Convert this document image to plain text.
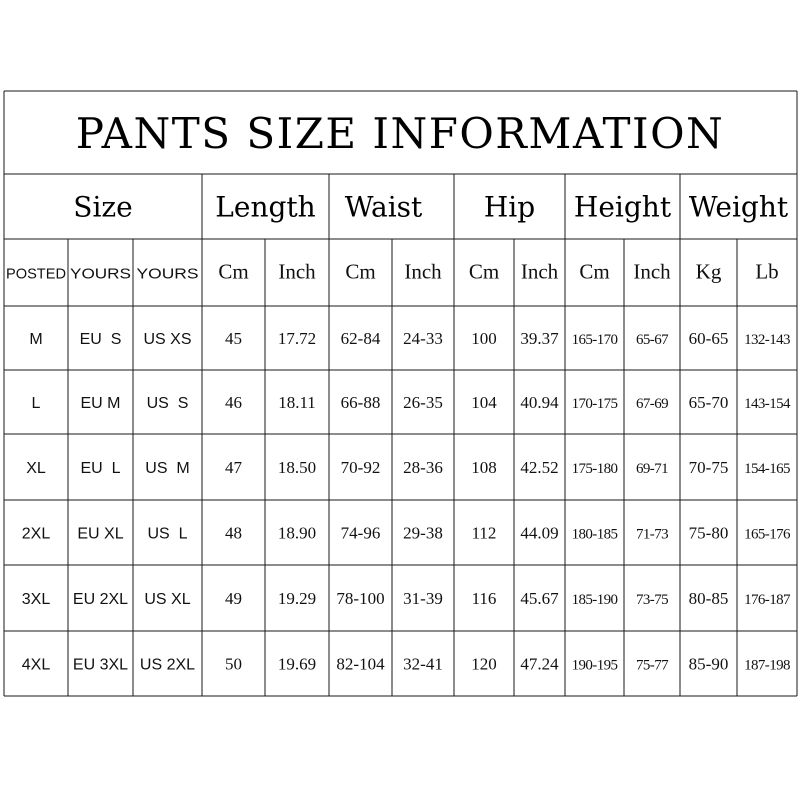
PANTS SIZE INFORMATION
Size	Length Waist Hip Height Weight
POSTED YOURS YOURS Cm Inch Cm Inch Cm Inch Cm Inch Kg Lb
M EU  S US XS 45 17.72 62-84 24-33 100 39.37 165-170 65-67 60-65 132-143
L	EU M US  S 46 18.11 66-88 26-35 104 40.94 170-175 67-69 65-70 143-154
XL EU  L US  M 47 18.50 70-92 28-36 108 42.52 175-180 69-71 70-75 154-165
2XL EU XL US  L 48 18.90 74-96 29-38 112 44.09 180-185 71-73 75-80 165-176
3XL EU 2XL US XL 49 19.29 78-100 31-39 116 45.67 185-190 73-75 80-85 176-187
4XL EU 3XL US 2XL 50 19.69 82-104 32-41 120 47.24 190-195 75-77 85-90 187-198
